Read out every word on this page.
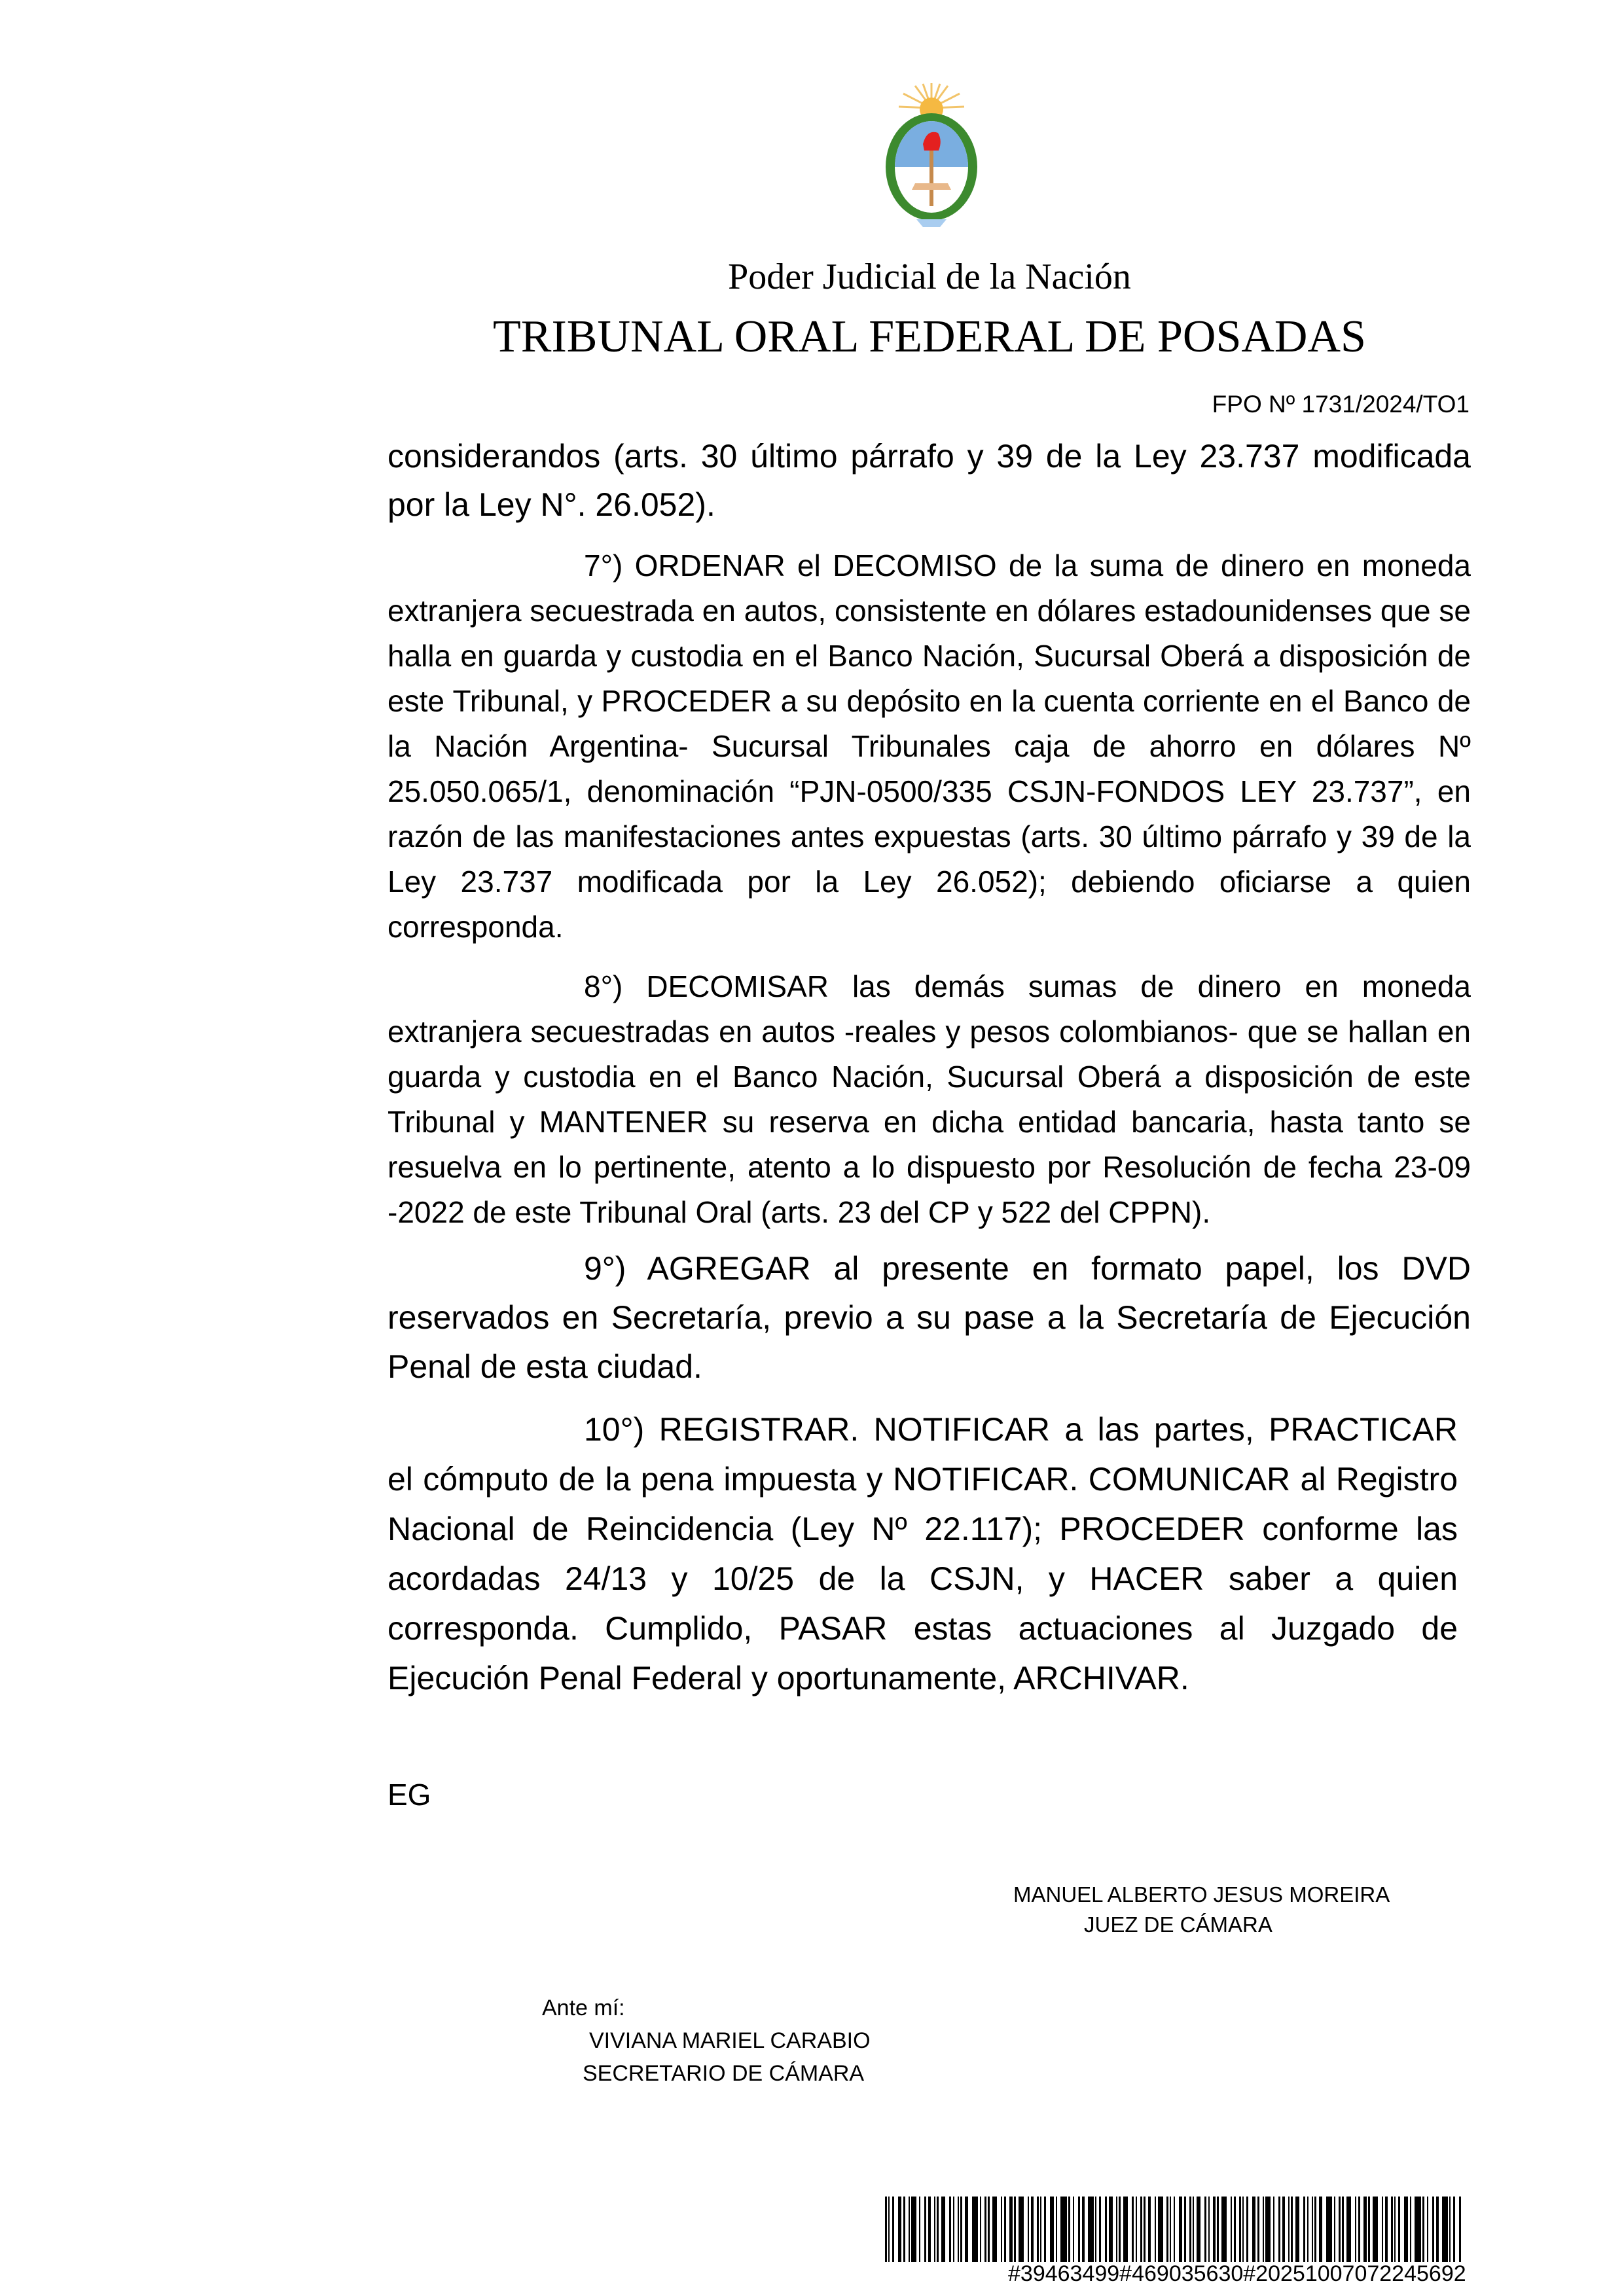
Poder Judicial de la Nación
TRIBUNAL ORAL FEDERAL DE POSADAS
FPO Nº 1731/2024/TO1

considerandos (arts. 30 último párrafo y 39 de la Ley 23.737 modificada por la Ley N°. 26.052).

7°) ORDENAR el DECOMISO de la suma de dinero en moneda extranjera secuestrada en autos, consistente en dólares estadounidenses que se halla en guarda y custodia en el Banco Nación, Sucursal Oberá a disposición de este Tribunal, y PROCEDER a su depósito en la cuenta corriente en el Banco de la Nación Argentina- Sucursal Tribunales caja de ahorro en dólares Nº 25.050.065/1, denominación “PJN-0500/335 CSJN-FONDOS LEY 23.737”, en razón de las manifestaciones antes expuestas (arts. 30 último párrafo y 39 de la Ley 23.737 modificada por la Ley 26.052); debiendo oficiarse a quien corresponda.

8°) DECOMISAR las demás sumas de dinero en moneda extranjera secuestradas en autos -reales y pesos colombianos- que se hallan en guarda y custodia en el Banco Nación, Sucursal Oberá a disposición de este Tribunal y MANTENER su reserva en dicha entidad bancaria, hasta tanto se resuelva en lo pertinente, atento a lo dispuesto por Resolución de fecha 23-09 -2022 de este Tribunal Oral (arts. 23 del CP y 522 del CPPN).

9°) AGREGAR al presente en formato papel, los DVD reservados en Secretaría, previo a su pase a la Secretaría de Ejecución Penal de esta ciudad.

10°) REGISTRAR. NOTIFICAR a las partes, PRACTICAR el cómputo de la pena impuesta y NOTIFICAR. COMUNICAR al Registro Nacional de Reincidencia (Ley Nº 22.117); PROCEDER conforme las acordadas 24/13 y 10/25 de la CSJN, y HACER saber a quien corresponda. Cumplido, PASAR estas actuaciones al Juzgado de Ejecución Penal Federal y oportunamente, ARCHIVAR.

EG
MANUEL ALBERTO JESUS MOREIRA
JUEZ DE CÁMARA
Ante mí:
VIVIANA MARIEL CARABIO
SECRETARIO DE CÁMARA
#39463499#469035630#20251007072245692
